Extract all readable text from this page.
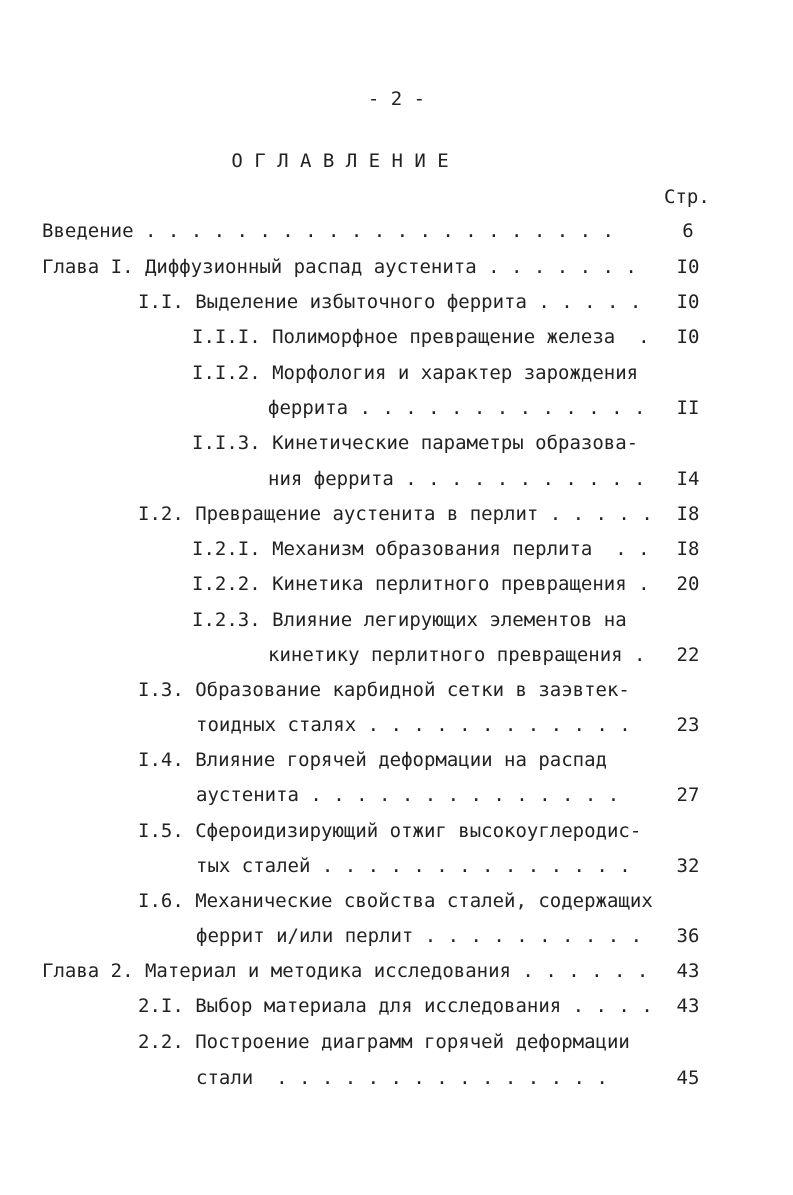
- 2 -
О Г Л А В Л Е Н И Е
Стр.
Введение . . . . . . . . . . . . . . . . . . . . .	6
Глава I. Диффузионный распад аустенита . . . . . . .	I0
I.I. Выделение избыточного феррита . . . . .	I0
I.I.I. Полиморфное превращение железа  .	I0
I.I.2. Морфология и характер зарождения
феррита . . . . . . . . . . . . .	II
I.I.3. Кинетические параметры образова-
ния феррита . . . . . . . . . . .	I4
I.2. Превращение аустенита в перлит . . . . .	I8
I.2.I. Механизм образования перлита  . .	I8
I.2.2. Кинетика перлитного превращения .	20
I.2.3. Влияние легирующих элементов на
кинетику перлитного превращения .	22
I.3. Образование карбидной сетки в заэвтек-
тоидных сталях . . . . . . . . . . . .	23
I.4. Влияние горячей деформации на распад
аустенита . . . . . . . . . . . . . .	27
I.5. Сфероидизирующий отжиг высокоуглеродис-
тых сталей . . . . . . . . . . . . . .	32
I.6. Механические свойства сталей, содержащих
феррит и/или перлит . . . . . . . . . .	36
Глава 2. Материал и методика исследования . . . . . .	43
2.I. Выбор материала для исследования . . . .	43
2.2. Построение диаграмм горячей деформации
стали  . . . . . . . . . . . . . . .	45
